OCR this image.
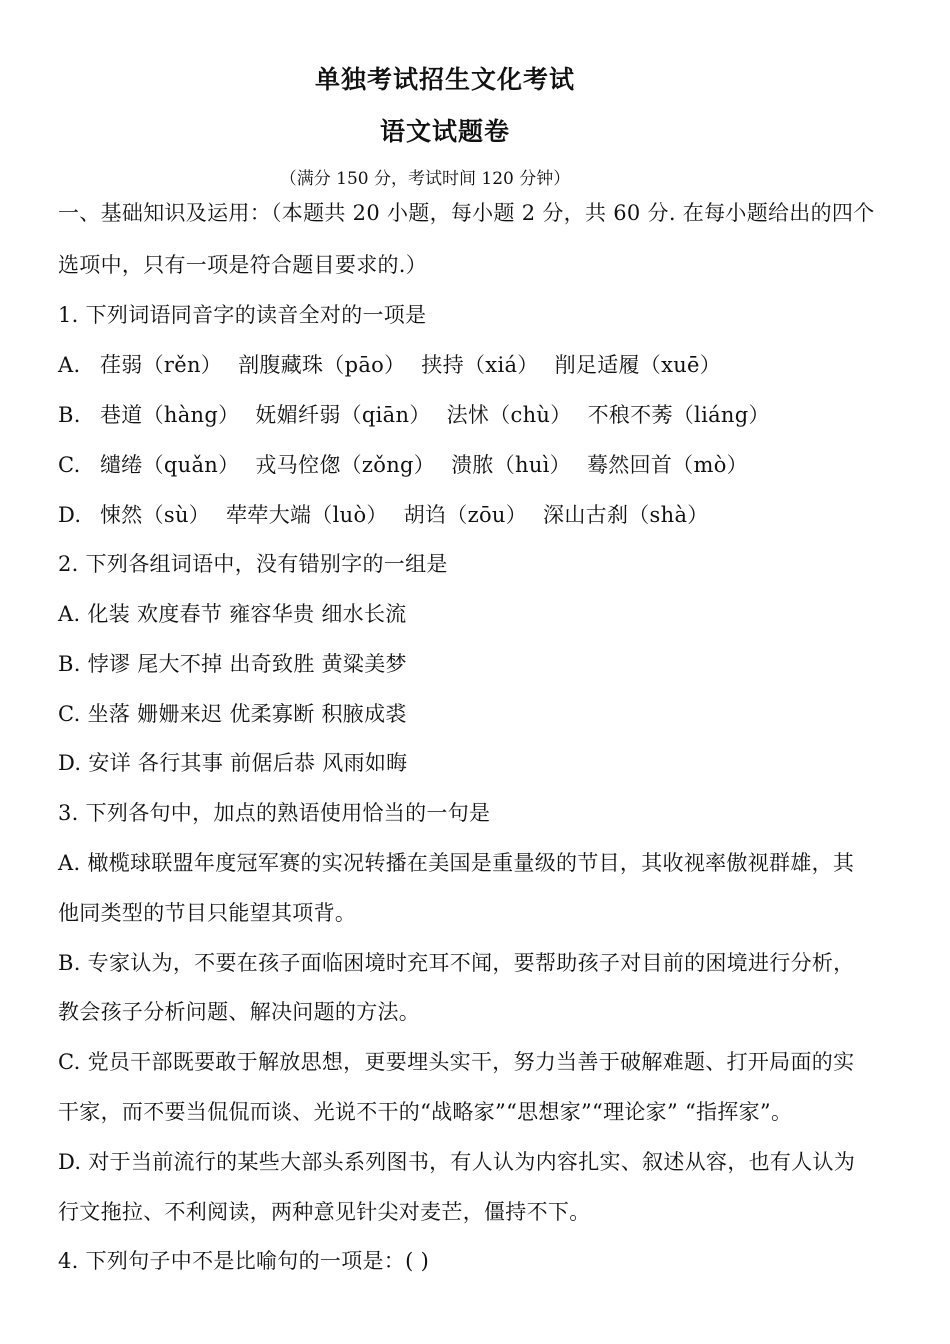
单独考试招生文化考试
语文试题卷
（满分 150 分，考试时间 120 分钟）
一、基础知识及运用：（本题共 20 小题，每小题 2 分，共 60 分. 在每小题给出的四个
选项中，只有一项是符合题目要求的.）
1. 下列词语同音字的读音全对的一项是
A. 荏弱（rěn） 剖腹藏珠（pāo） 挟持（xiá） 削足适履（xuē）
B. 巷道（hàng） 妩媚纤弱（qiān） 法怵（chù） 不稂不莠（liáng）
C. 缱绻（quǎn） 戎马倥偬（zǒng） 溃脓（huì） 蓦然回首（mò）
D. 悚然（sù） 荦荦大端（luò） 胡诌（zōu） 深山古刹（shà）
2. 下列各组词语中，没有错别字的一组是
A. 化装 欢度春节 雍容华贵 细水长流
B. 悖谬 尾大不掉 出奇致胜 黄粱美梦
C. 坐落 姗姗来迟 优柔寡断 积腋成裘
D. 安详 各行其事 前倨后恭 风雨如晦
3. 下列各句中，加点的熟语使用恰当的一句是
A. 橄榄球联盟年度冠军赛的实况转播在美国是重量级的节目，其收视率傲视群雄，其
他同类型的节目只能望其项背。
B. 专家认为，不要在孩子面临困境时充耳不闻，要帮助孩子对目前的困境进行分析，
教会孩子分析问题、解决问题的方法。
C. 党员干部既要敢于解放思想，更要埋头实干，努力当善于破解难题、打开局面的实
干家，而不要当侃侃而谈、光说不干的“战略家”“思想家”“理论家” “指挥家”。
D. 对于当前流行的某些大部头系列图书，有人认为内容扎实、叙述从容，也有人认为
行文拖拉、不利阅读，两种意见针尖对麦芒，僵持不下。
4. 下列句子中不是比喻句的一项是：( )
